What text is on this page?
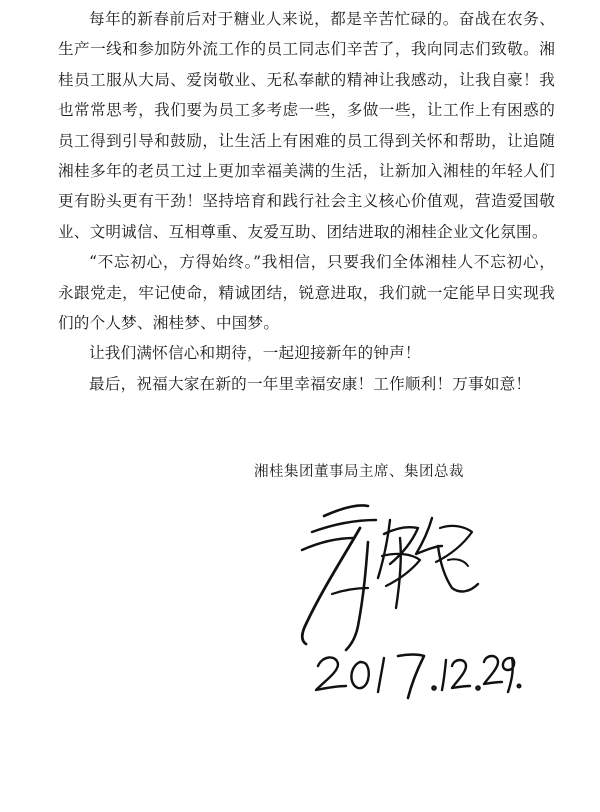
每年的新春前后对于糖业人来说，都是辛苦忙碌的。奋战在农务、生产一线和参加防外流工作的员工同志们辛苦了，我向同志们致敬。湘桂员工服从大局、爱岗敬业、无私奉献的精神让我感动，让我自豪！我也常常思考，我们要为员工多考虑一些，多做一些，让工作上有困惑的员工得到引导和鼓励，让生活上有困难的员工得到关怀和帮助，让追随湘桂多年的老员工过上更加幸福美满的生活，让新加入湘桂的年轻人们更有盼头更有干劲！坚持培育和践行社会主义核心价值观，营造爱国敬业、文明诚信、互相尊重、友爱互助、团结进取的湘桂企业文化氛围。

“不忘初心，方得始终。”我相信，只要我们全体湘桂人不忘初心，永跟党走，牢记使命，精诚团结，锐意进取，我们就一定能早日实现我们的个人梦、湘桂梦、中国梦。

让我们满怀信心和期待，一起迎接新年的钟声！

最后，祝福大家在新的一年里幸福安康！工作顺利！万事如意！

湘桂集团董事局主席、集团总裁
